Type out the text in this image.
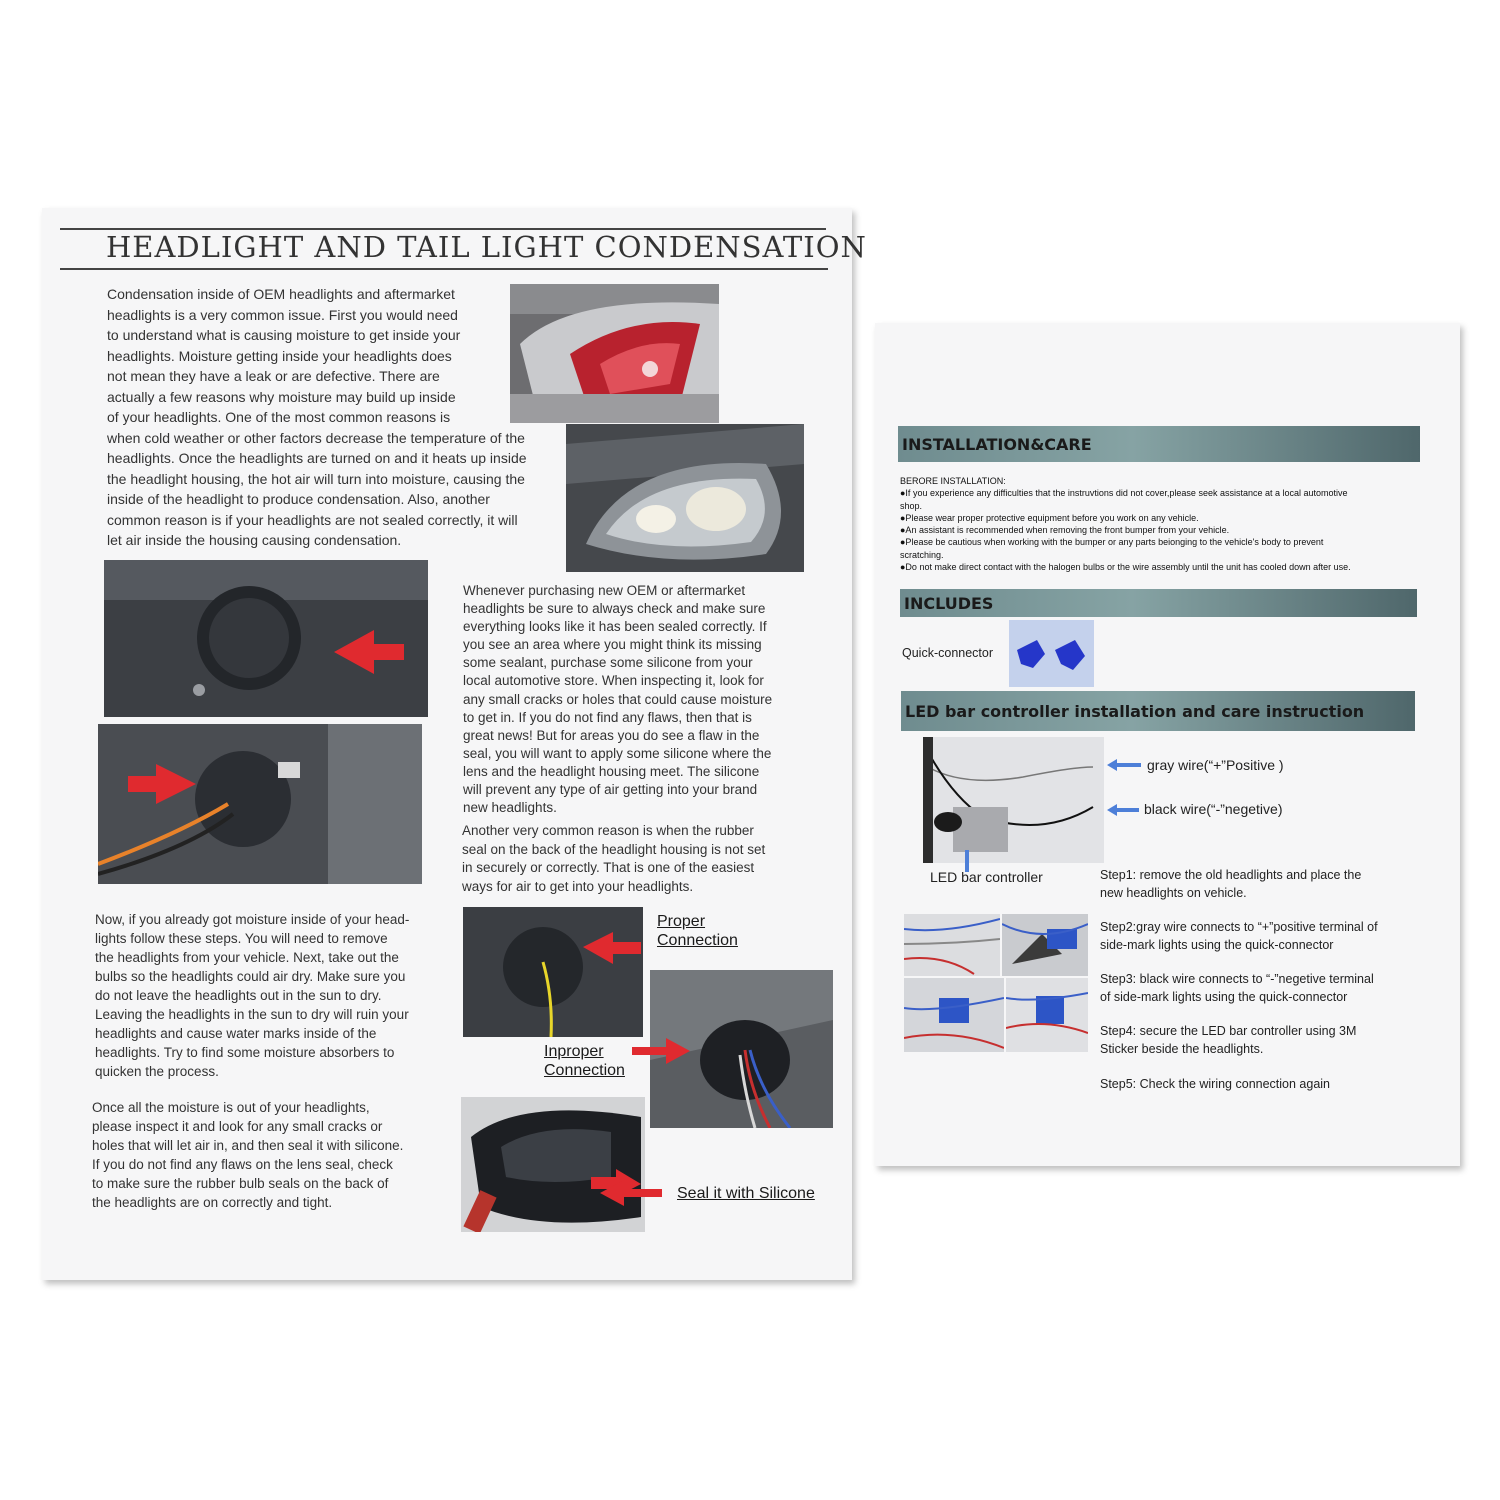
HEADLIGHT AND TAIL LIGHT CONDENSATION
Condensation inside of OEM headlights and aftermarket
headlights is a very common issue. First you would need
to understand what is causing moisture to get inside your
headlights. Moisture getting inside your headlights does
not mean they have a leak or are defective. There are
actually a few reasons why moisture may build up inside
of your headlights. One of the most common reasons is
when cold weather or other factors decrease the temperature of the
headlights. Once the headlights are turned on and it heats up inside
the headlight housing, the hot air will turn into moisture, causing the
inside of the headlight to produce condensation. Also, another
common reason is if your headlights are not sealed correctly, it will
let air inside the housing causing condensation.
Whenever purchasing new OEM or aftermarket
headlights be sure to always check and make sure
everything looks like it has been sealed correctly. If
you see an area where you might think its missing
some sealant, purchase some silicone from your
local automotive store. When inspecting it, look for
any small cracks or holes that could cause moisture
to get in. If you do not find any flaws, then that is
great news! But for areas you do see a flaw in the
seal, you will want to apply some silicone where the
lens and the headlight housing meet. The silicone
will prevent any type of air getting into your brand
new headlights.
Another very common reason is when the rubber
seal on the back of the headlight housing is not set
in securely or correctly. That is one of the easiest
ways for air to get into your headlights.
Now, if you already got moisture inside of your head-
lights follow these steps. You will need to remove
the headlights from your vehicle. Next, take out the
bulbs so the headlights could air dry. Make sure you
do not leave the headlights out in the sun to dry.
Leaving the headlights in the sun to dry will ruin your
headlights and cause water marks inside of the
headlights. Try to find some moisture absorbers to
quicken the process.
Once all the moisture is out of your headlights,
please inspect it and look for any small cracks or
holes that will let air in, and then seal it with silicone.
If you do not find any flaws on the lens seal, check
to make sure the rubber bulb seals on the back of
the headlights are on correctly and tight.
Proper
Connection
Inproper
Connection
Seal it with Silicone
INSTALLATION&CARE
BERORE INSTALLATION:
●If you experience any difficulties that the instruvtions did not cover,please seek assistance at a local automotive
shop.
●Please wear proper protective equipment before you work on any vehicle.
●An assistant is recommended when removing the front bumper from your vehicle.
●Please be cautious when working with the bumper or any parts beionging to the vehicle's body to prevent
scratching.
●Do not make direct contact with the halogen bulbs or the wire assembly until the unit has cooled down after use.
INCLUDES
Quick-connector
LED bar controller installation and care instruction
gray wire(“+”Positive )
black wire(“-”negetive)
LED bar controller	Step1: remove the old headlights and place the
new headlights on vehicle.
Step2:gray wire connects to “+”positive terminal of
side-mark lights using the quick-connector
Step3: black wire connects to “-”negetive terminal
of side-mark lights using the quick-connector
Step4: secure the LED bar controller using 3M
Sticker beside the headlights.
Step5: Check the wiring connection again
